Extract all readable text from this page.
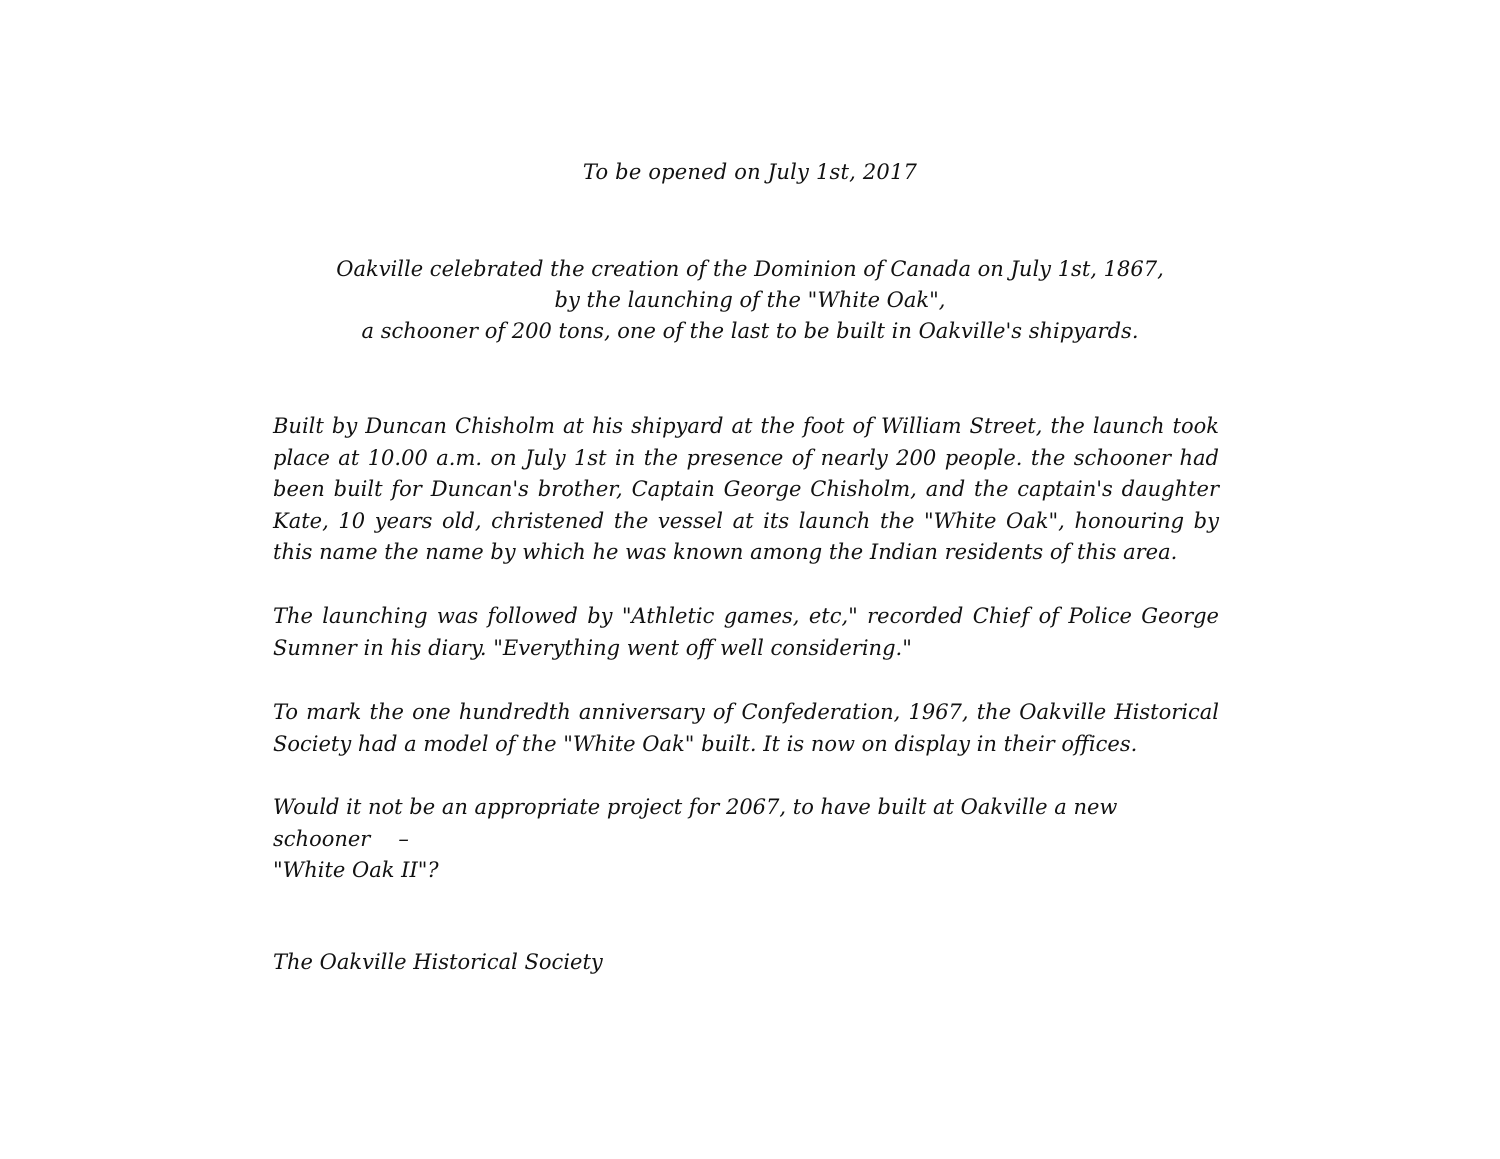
To be opened on July 1st, 2017
Oakville celebrated the creation of the Dominion of Canada on July 1st, 1867,
by the launching of the "White Oak",
a schooner of 200 tons, one of the last to be built in Oakville's shipyards.
Built by Duncan Chisholm at his shipyard at the foot of William Street, the launch took place at 10.00 a.m. on July 1st in the presence of nearly 200 people. the schooner had been built for Duncan's brother, Captain George Chisholm, and the captain's daughter Kate, 10 years old, christened the vessel at its launch the "White Oak", honouring by this name the name by which he was known among the Indian residents of this area.
The launching was followed by "Athletic games, etc," recorded Chief of Police George Sumner in his diary. "Everything went off well considering."
To mark the one hundredth anniversary of Confederation, 1967, the Oakville Historical Society had a model of the "White Oak" built. It is now on display in their offices.
Would it not be an appropriate project for 2067, to have built at Oakville a new schooner –
"White Oak II"?
The Oakville Historical Society
